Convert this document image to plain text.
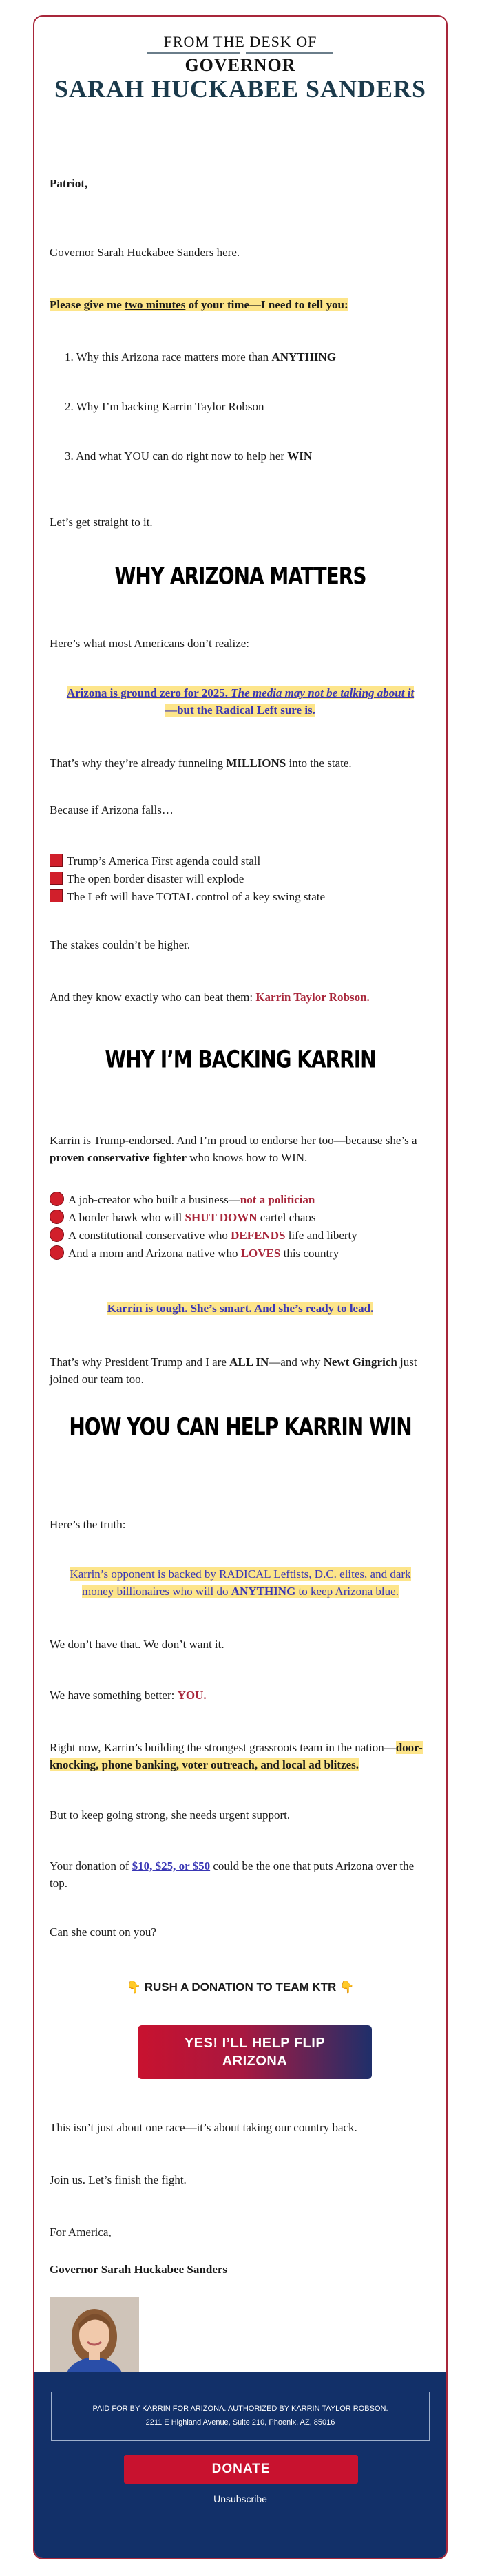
FROM THE DESK OF
GOVERNOR
SARAH HUCKABEE SANDERS

Patriot,

Governor Sarah Huckabee Sanders here.

Please give me two minutes of your time—I need to tell you:

1. Why this Arizona race matters more than ANYTHING
2. Why I’m backing Karrin Taylor Robson
3. And what YOU can do right now to help her WIN

Let’s get straight to it.

WHY ARIZONA MATTERS

Here’s what most Americans don’t realize:

Arizona is ground zero for 2025. The media may not be talking about it—but the Radical Left sure is.

That’s why they’re already funneling MILLIONS into the state.

Because if Arizona falls…

Trump’s America First agenda could stall
The open border disaster will explode
The Left will have TOTAL control of a key swing state

The stakes couldn’t be higher.

And they know exactly who can beat them: Karrin Taylor Robson.

WHY I’M BACKING KARRIN

Karrin is Trump-endorsed. And I’m proud to endorse her too—because she’s a proven conservative fighter who knows how to WIN.

A job-creator who built a business—not a politician
A border hawk who will SHUT DOWN cartel chaos
A constitutional conservative who DEFENDS life and liberty
And a mom and Arizona native who LOVES this country

Karrin is tough. She’s smart. And she’s ready to lead.

That’s why President Trump and I are ALL IN—and why Newt Gingrich just joined our team too.

HOW YOU CAN HELP KARRIN WIN

Here’s the truth:

Karrin’s opponent is backed by RADICAL Leftists, D.C. elites, and dark money billionaires who will do ANYTHING to keep Arizona blue.

We don’t have that. We don’t want it.

We have something better: YOU.

Right now, Karrin’s building the strongest grassroots team in the nation—door-knocking, phone banking, voter outreach, and local ad blitzes.

But to keep going strong, she needs urgent support.

Your donation of $10, $25, or $50 could be the one that puts Arizona over the top.

Can she count on you?

👇 RUSH A DONATION TO TEAM KTR 👇
YES! I’LL HELP FLIP ARIZONA

This isn’t just about one race—it’s about taking our country back.

Join us. Let’s finish the fight.

For America,

Governor Sarah Huckabee Sanders

PAID FOR BY KARRIN FOR ARIZONA. AUTHORIZED BY KARRIN TAYLOR ROBSON.
2211 E Highland Avenue, Suite 210, Phoenix, AZ, 85016
DONATE
Unsubscribe
